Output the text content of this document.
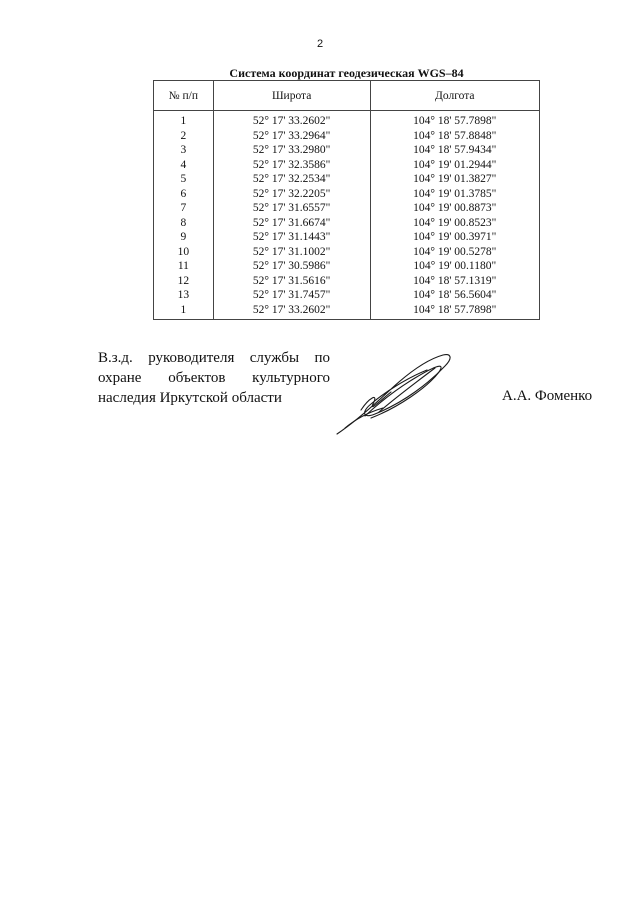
2
Система координат геодезическая WGS–84
№ п/п	Широта	Долгота
1	52° 17' 33.2602"	104° 18' 57.7898"
2	52° 17' 33.2964"	104° 18' 57.8848"
3	52° 17' 33.2980"	104° 18' 57.9434"
4	52° 17' 32.3586"	104° 19' 01.2944"
5	52° 17' 32.2534"	104° 19' 01.3827"
6	52° 17' 32.2205"	104° 19' 01.3785"
7	52° 17' 31.6557"	104° 19' 00.8873"
8	52° 17' 31.6674"	104° 19' 00.8523"
9	52° 17' 31.1443"	104° 19' 00.3971"
10	52° 17' 31.1002"	104° 19' 00.5278"
11	52° 17' 30.5986"	104° 19' 00.1180"
12	52° 17' 31.5616"	104° 18' 57.1319"
13	52° 17' 31.7457"	104° 18' 56.5604"
1	52° 17' 33.2602"	104° 18' 57.7898"
В.з.д. руководителя службы по
охране объектов культурного
наследия Иркутской области	А.А. Фоменко
